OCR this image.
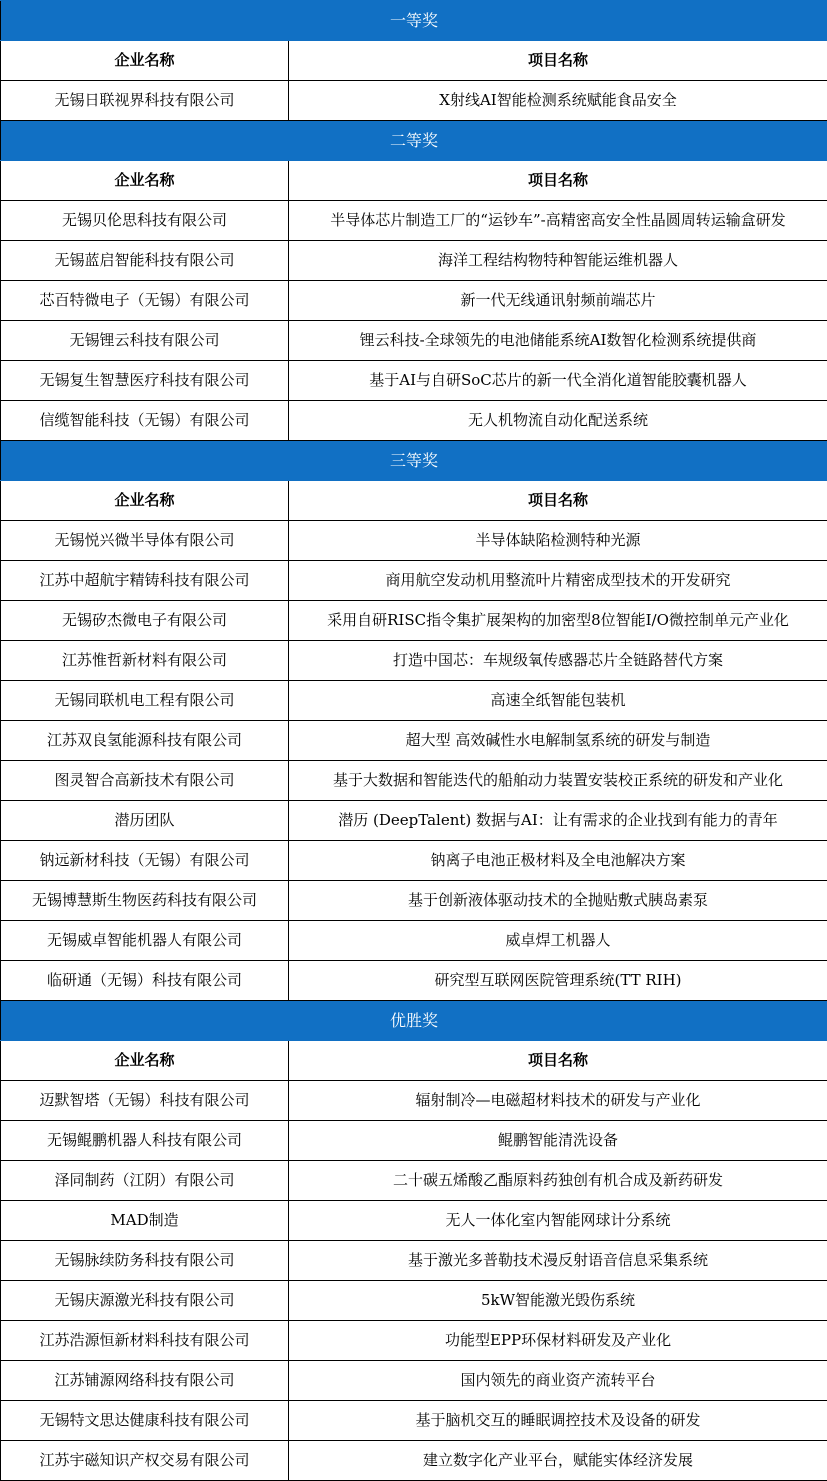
一等奖	
企业名称	项目名称
无锡日联视界科技有限公司	X射线AI智能检测系统赋能食品安全
二等奖	
企业名称	项目名称
无锡贝伦思科技有限公司	半导体芯片制造工厂的“运钞车”-高精密高安全性晶圆周转运输盒研发
无锡蓝启智能科技有限公司	海洋工程结构物特种智能运维机器人
芯百特微电子（无锡）有限公司	新一代无线通讯射频前端芯片
无锡锂云科技有限公司	锂云科技-全球领先的电池储能系统AI数智化检测系统提供商
无锡复生智慧医疗科技有限公司	基于AI与自研SoC芯片的新一代全消化道智能胶囊机器人
信缆智能科技（无锡）有限公司	无人机物流自动化配送系统
三等奖	
企业名称	项目名称
无锡悦兴微半导体有限公司	半导体缺陷检测特种光源
江苏中超航宇精铸科技有限公司	商用航空发动机用整流叶片精密成型技术的开发研究
无锡矽杰微电子有限公司	采用自研RISC指令集扩展架构的加密型8位智能I/O微控制单元产业化
江苏惟哲新材料有限公司	打造中国芯：车规级氧传感器芯片全链路替代方案
无锡同联机电工程有限公司	高速全纸智能包装机
江苏双良氢能源科技有限公司	超大型 高效碱性水电解制氢系统的研发与制造
图灵智合高新技术有限公司	基于大数据和智能迭代的船舶动力装置安装校正系统的研发和产业化
潜历团队	潜历 (DeepTalent) 数据与AI：让有需求的企业找到有能力的青年
钠远新材科技（无锡）有限公司	钠离子电池正极材料及全电池解决方案
无锡博慧斯生物医药科技有限公司	基于创新液体驱动技术的全抛贴敷式胰岛素泵
无锡威卓智能机器人有限公司	威卓焊工机器人
临研通（无锡）科技有限公司	研究型互联网医院管理系统(TT RIH)
优胜奖	
企业名称	项目名称
迈默智塔（无锡）科技有限公司	辐射制冷—电磁超材料技术的研发与产业化
无锡鲲鹏机器人科技有限公司	鲲鹏智能清洗设备
泽同制药（江阴）有限公司	二十碳五烯酸乙酯原料药独创有机合成及新药研发
MAD制造	无人一体化室内智能网球计分系统
无锡脉续防务科技有限公司	基于激光多普勒技术漫反射语音信息采集系统
无锡庆源激光科技有限公司	5kW智能激光毁伤系统
江苏浩源恒新材料科技有限公司	功能型EPP环保材料研发及产业化
江苏铺源网络科技有限公司	国内领先的商业资产流转平台
无锡特文思达健康科技有限公司	基于脑机交互的睡眠调控技术及设备的研发
江苏宇磁知识产权交易有限公司	建立数字化产业平台，赋能实体经济发展
